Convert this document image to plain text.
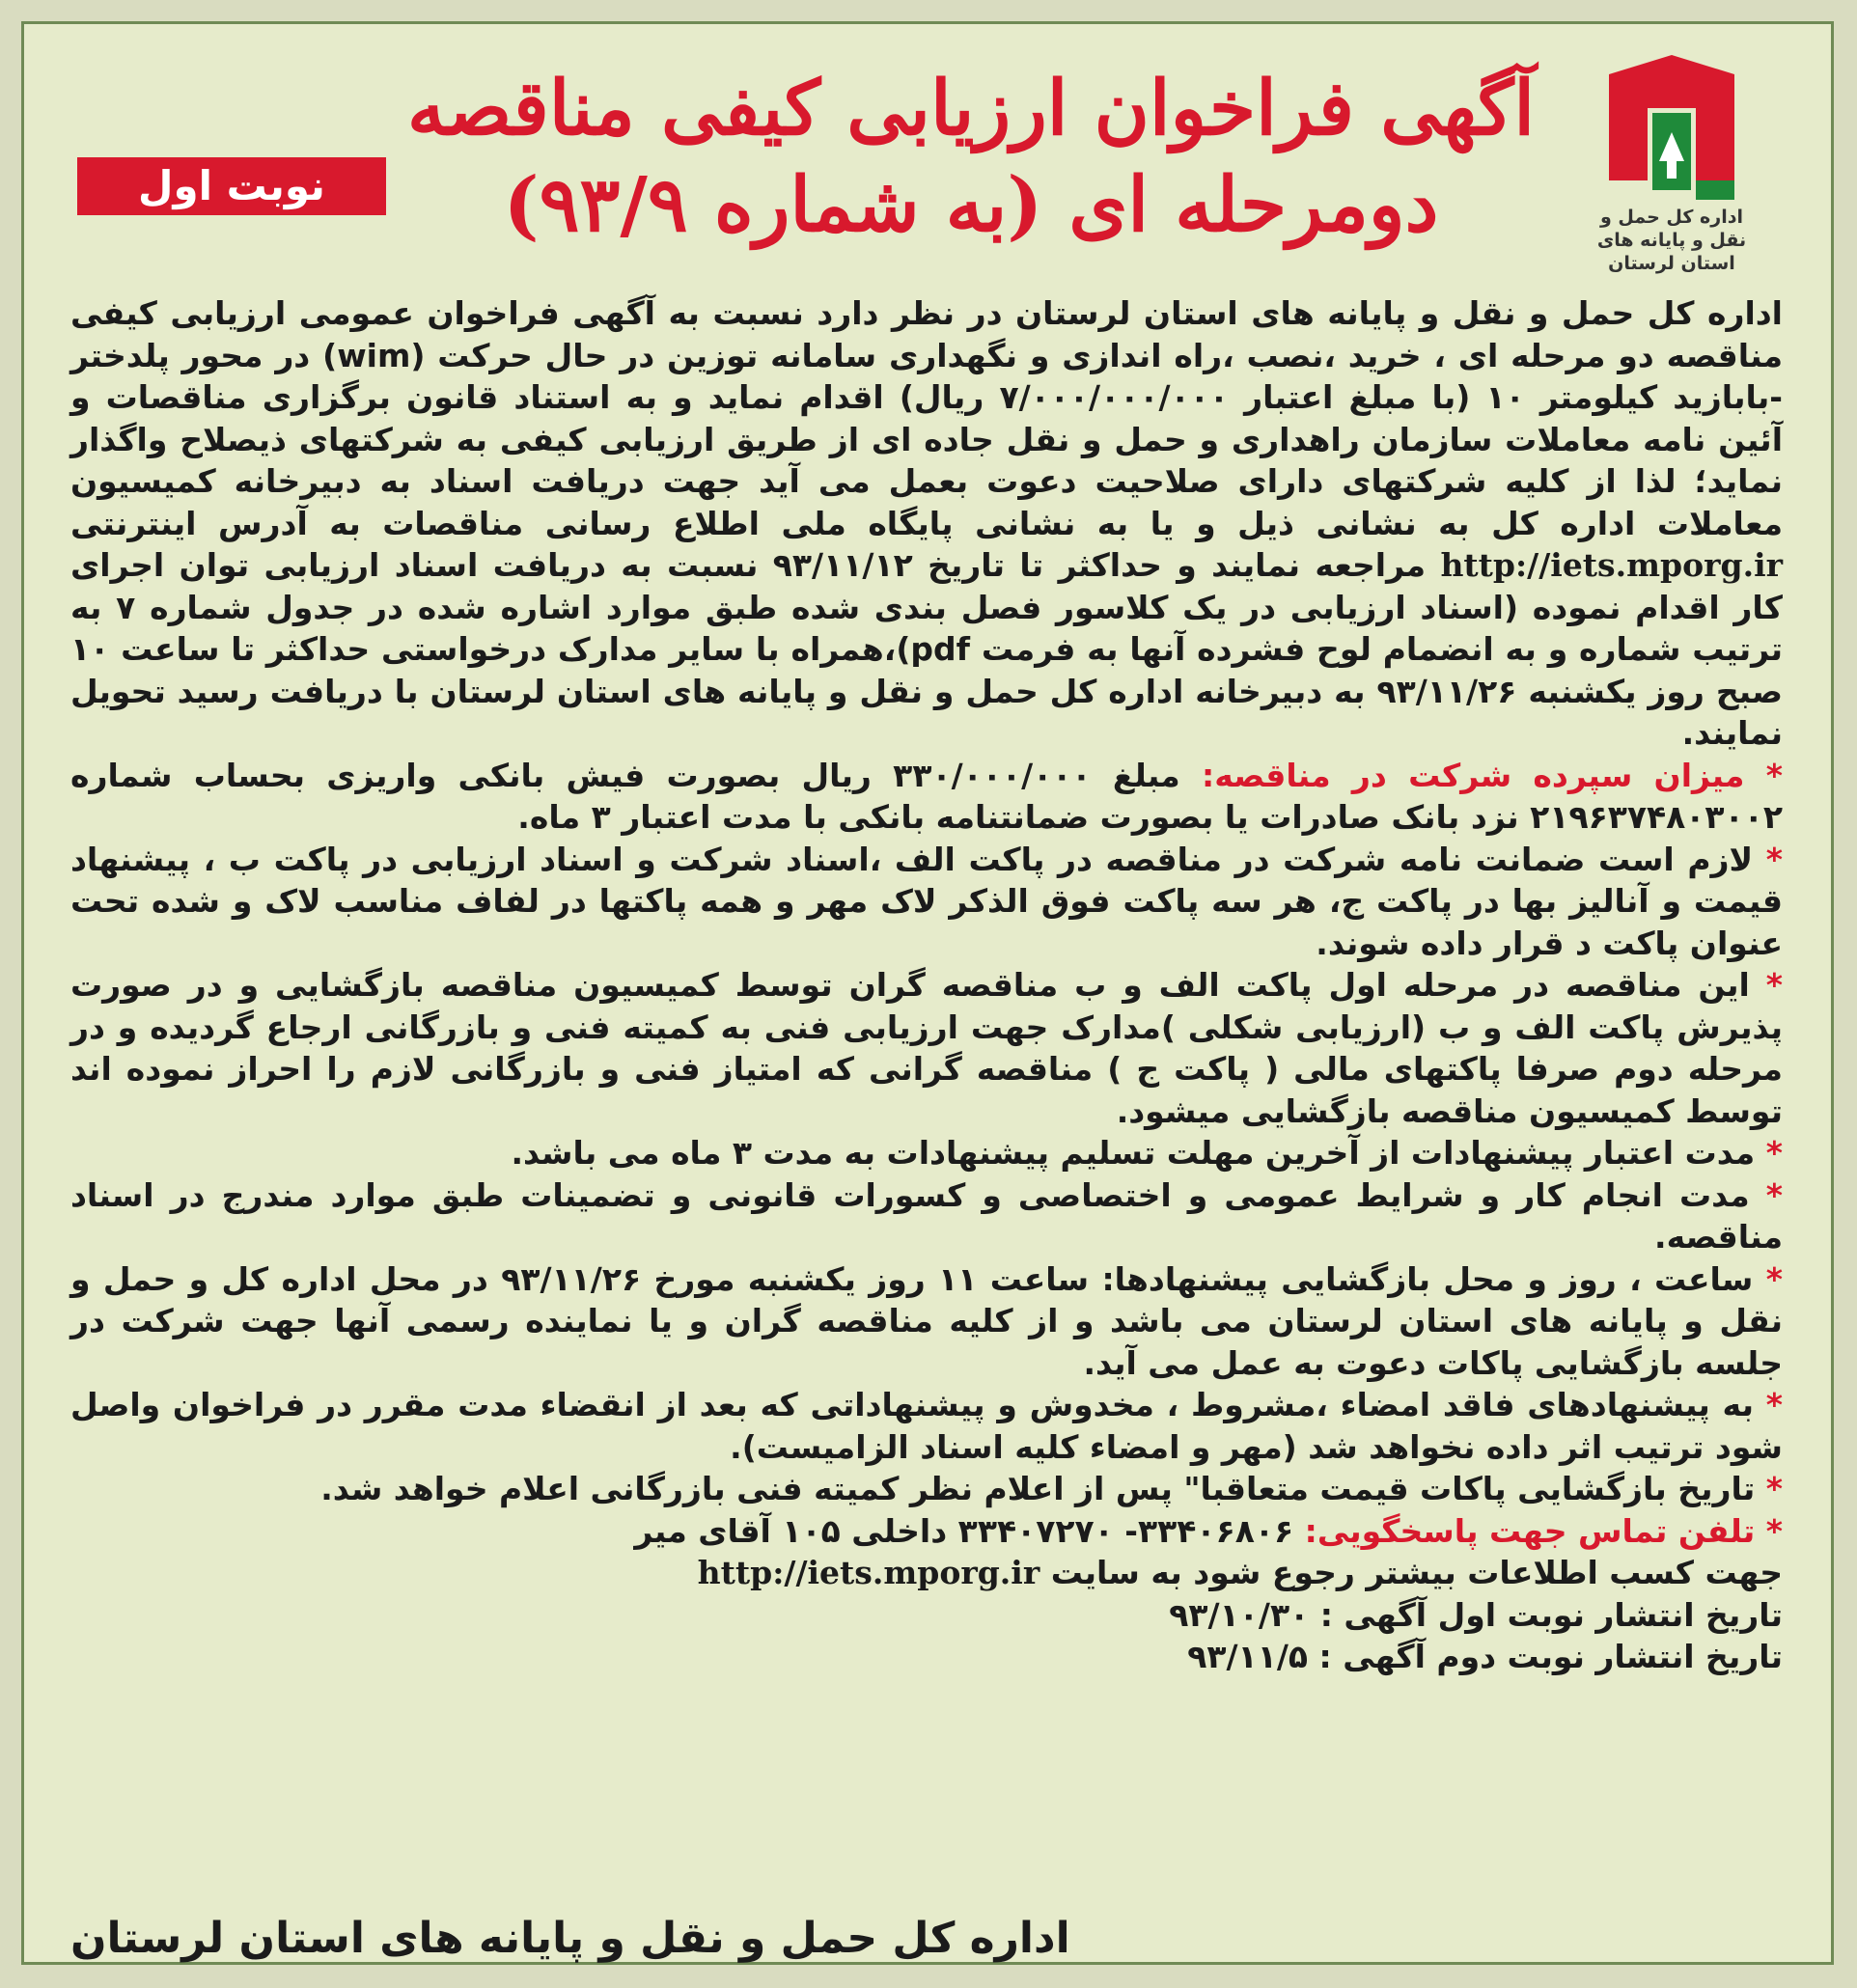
اداره کل حمل و نقل و پایانه های
استان لرستان
آگهی فراخوان ارزیابی کیفی مناقصه
دومرحله ای (به شماره ۹۳/۹)
نوبت اول

اداره کل حمل و نقل و پایانه های استان لرستان در نظر دارد نسبت به آگهی فراخوان عمومی ارزیابی کیفی مناقصه دو مرحله ای ، خرید ،نصب ،راه اندازی و نگهداری سامانه توزین در حال حرکت (wim) در محور پلدختر -بابازید کیلومتر ۱۰ (با مبلغ اعتبار ۷/۰۰۰/۰۰۰/۰۰۰ ریال) اقدام نماید و به استناد قانون برگزاری مناقصات و آئین نامه معاملات سازمان راهداری و حمل و نقل جاده ای از طریق ارزیابی کیفی به شرکتهای ذیصلاح واگذار نماید؛ لذا از کلیه شرکتهای دارای صلاحیت دعوت بعمل می آید جهت دریافت اسناد به دبیرخانه کمیسیون معاملات اداره کل به نشانی ذیل و یا به نشانی پایگاه ملی اطلاع رسانی مناقصات به آدرس اینترنتی http://iets.mporg.ir مراجعه نمایند و حداکثر تا تاریخ ۹۳/۱۱/۱۲ نسبت به دریافت اسناد ارزیابی توان اجرای کار اقدام نموده (اسناد ارزیابی در یک کلاسور فصل بندی شده طبق موارد اشاره شده در جدول شماره ۷ به ترتیب شماره و به انضمام لوح فشرده آنها به فرمت pdf)،همراه با سایر مدارک درخواستی حداکثر تا ساعت ۱۰ صبح روز یکشنبه ۹۳/۱۱/۲۶ به دبیرخانه اداره کل حمل و نقل و پایانه های استان لرستان با دریافت رسید تحویل نمایند.

* میزان سپرده شرکت در مناقصه: مبلغ ۳۳۰/۰۰۰/۰۰۰ ریال بصورت فیش بانکی واریزی بحساب شماره ۲۱۹۶۳۷۴۸۰۳۰۰۲ نزد بانک صادرات یا بصورت ضمانتنامه بانکی با مدت اعتبار ۳ ماه.

* لازم است ضمانت نامه شرکت در مناقصه در پاکت الف ،اسناد شرکت و اسناد ارزیابی در پاکت ب ، پیشنهاد قیمت و آنالیز بها در پاکت ج، هر سه پاکت فوق الذکر لاک مهر و همه پاکتها در لفاف مناسب لاک و شده تحت عنوان پاکت د قرار داده شوند.

* این مناقصه در مرحله اول پاکت الف و ب مناقصه گران توسط کمیسیون مناقصه بازگشایی و در صورت پذیرش پاکت الف و ب (ارزیابی شکلی )مدارک جهت ارزیابی فنی به کمیته فنی و بازرگانی ارجاع گردیده و در مرحله دوم صرفا پاکتهای مالی ( پاکت ج ) مناقصه گرانی که امتیاز فنی و بازرگانی لازم را احراز نموده اند توسط کمیسیون مناقصه بازگشایی میشود.

* مدت اعتبار پیشنهادات از آخرین مهلت تسلیم پیشنهادات به مدت ۳ ماه می باشد.

* مدت انجام کار و شرایط عمومی و اختصاصی و کسورات قانونی و تضمینات طبق موارد مندرج در اسناد مناقصه.

* ساعت ، روز و محل بازگشایی پیشنهادها: ساعت ۱۱ روز یکشنبه مورخ ۹۳/۱۱/۲۶ در محل اداره کل و حمل و نقل و پایانه های استان لرستان می باشد و از کلیه مناقصه گران و یا نماینده رسمی آنها جهت شرکت در جلسه بازگشایی پاکات دعوت به عمل می آید.

* به پیشنهادهای فاقد امضاء ،مشروط ، مخدوش و پیشنهاداتی که بعد از انقضاء مدت مقرر در فراخوان واصل شود ترتیب اثر داده نخواهد شد (مهر و امضاء کلیه اسناد الزامیست).

* تاریخ بازگشایی پاکات قیمت متعاقبا" پس از اعلام نظر کمیته فنی بازرگانی اعلام خواهد شد.

* تلفن تماس جهت پاسخگویی: ۳۳۴۰۶۸۰۶- ۳۳۴۰۷۲۷۰ داخلی ۱۰۵ آقای میر

جهت کسب اطلاعات بیشتر رجوع شود به سایت http://iets.mporg.ir

تاریخ انتشار نوبت اول آگهی : ۹۳/۱۰/۳۰

تاریخ انتشار نوبت دوم آگهی : ۹۳/۱۱/۵

اداره کل حمل و نقل و پایانه های استان لرستان
